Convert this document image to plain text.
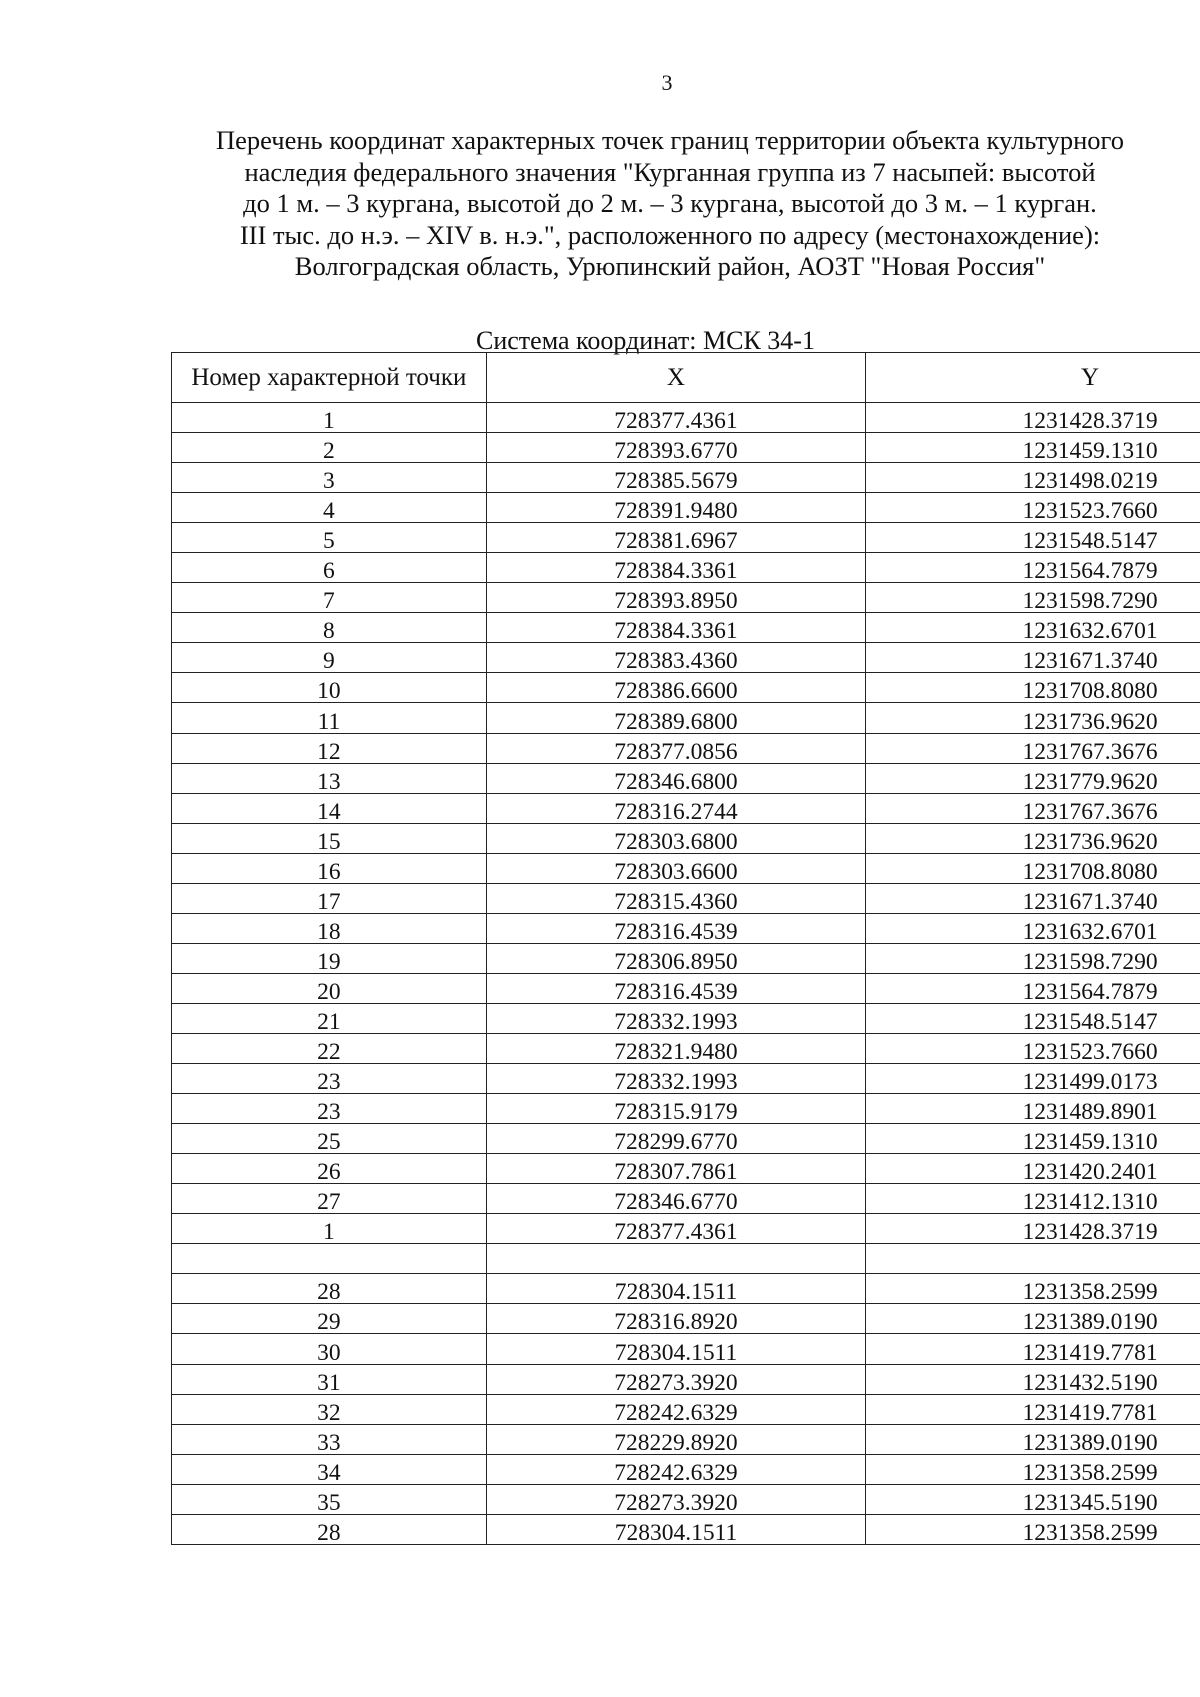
3
Перечень координат характерных точек границ территории объекта культурного
наследия федерального значения "Курганная группа из 7 насыпей: высотой
до 1 м. – 3 кургана, высотой до 2 м. – 3 кургана, высотой до 3 м. – 1 курган.
III тыс. до н.э. – XIV в. н.э.", расположенного по адресу (местонахождение):
Волгоградская область, Урюпинский район, АОЗТ "Новая Россия"
Система координат: МСК 34-1
Номер характерной точки	X	Y
1	728377.4361	1231428.3719
2	728393.6770	1231459.1310
3	728385.5679	1231498.0219
4	728391.9480	1231523.7660
5	728381.6967	1231548.5147
6	728384.3361	1231564.7879
7	728393.8950	1231598.7290
8	728384.3361	1231632.6701
9	728383.4360	1231671.3740
10	728386.6600	1231708.8080
11	728389.6800	1231736.9620
12	728377.0856	1231767.3676
13	728346.6800	1231779.9620
14	728316.2744	1231767.3676
15	728303.6800	1231736.9620
16	728303.6600	1231708.8080
17	728315.4360	1231671.3740
18	728316.4539	1231632.6701
19	728306.8950	1231598.7290
20	728316.4539	1231564.7879
21	728332.1993	1231548.5147
22	728321.9480	1231523.7660
23	728332.1993	1231499.0173
23	728315.9179	1231489.8901
25	728299.6770	1231459.1310
26	728307.7861	1231420.2401
27	728346.6770	1231412.1310
1	728377.4361	1231428.3719

28	728304.1511	1231358.2599
29	728316.8920	1231389.0190
30	728304.1511	1231419.7781
31	728273.3920	1231432.5190
32	728242.6329	1231419.7781
33	728229.8920	1231389.0190
34	728242.6329	1231358.2599
35	728273.3920	1231345.5190
28	728304.1511	1231358.2599
